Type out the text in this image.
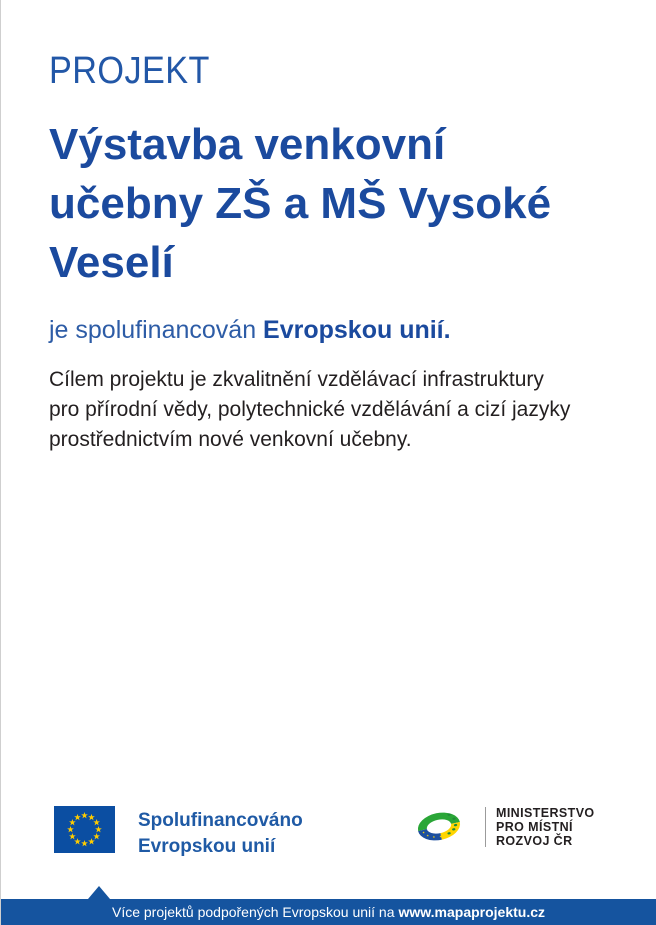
PROJEKT
Výstavba venkovní
učebny ZŠ a MŠ Vysoké
Veselí
je spolufinancován Evropskou unií.
Cílem projektu je zkvalitnění vzdělávací infrastruktury
pro přírodní vědy, polytechnické vzdělávání a cizí jazyky
prostřednictvím nové venkovní učebny.
Spolufinancováno
Evropskou unií
MINISTERSTVO
PRO MÍSTNÍ
ROZVOJ ČR
Více projektů podpořených Evropskou unií na www.mapaprojektu.cz
